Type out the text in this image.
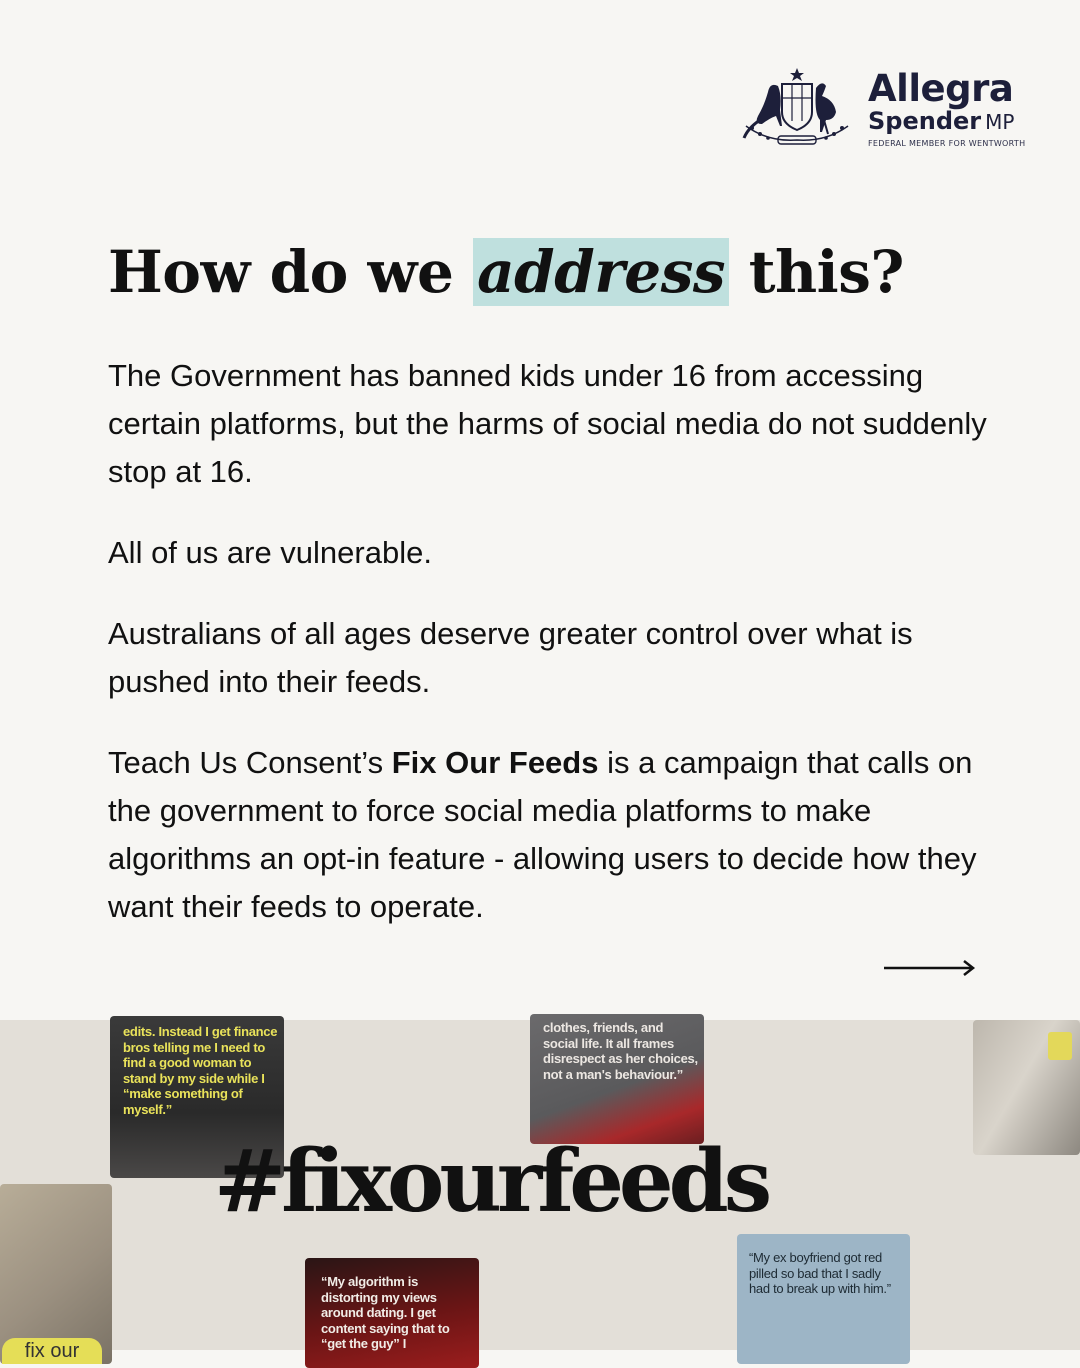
Allegra
Spender MP
FEDERAL MEMBER FOR WENTWORTH
How do we address this?

The Government has banned kids under 16 from accessing certain platforms, but the harms of social media do not suddenly stop at 16.

All of us are vulnerable.

Australians of all ages deserve greater control over what is pushed into their feeds.

Teach Us Consent’s Fix Our Feeds is a campaign that calls on the government to force social media platforms to make algorithms an opt-in feature - allowing users to decide how they want their feeds to operate.

edits. Instead I get finance bros telling me I need to find a good woman to stand by my side while I “make something of myself.”
clothes, friends, and social life. It all frames disrespect as her choices, not a man's behaviour.”
fix our
“My algorithm is distorting my views around dating. I get content saying that to “get the guy” I
“My ex boyfriend got red pilled so bad that I sadly had to break up with him.”
#fixourfeeds
